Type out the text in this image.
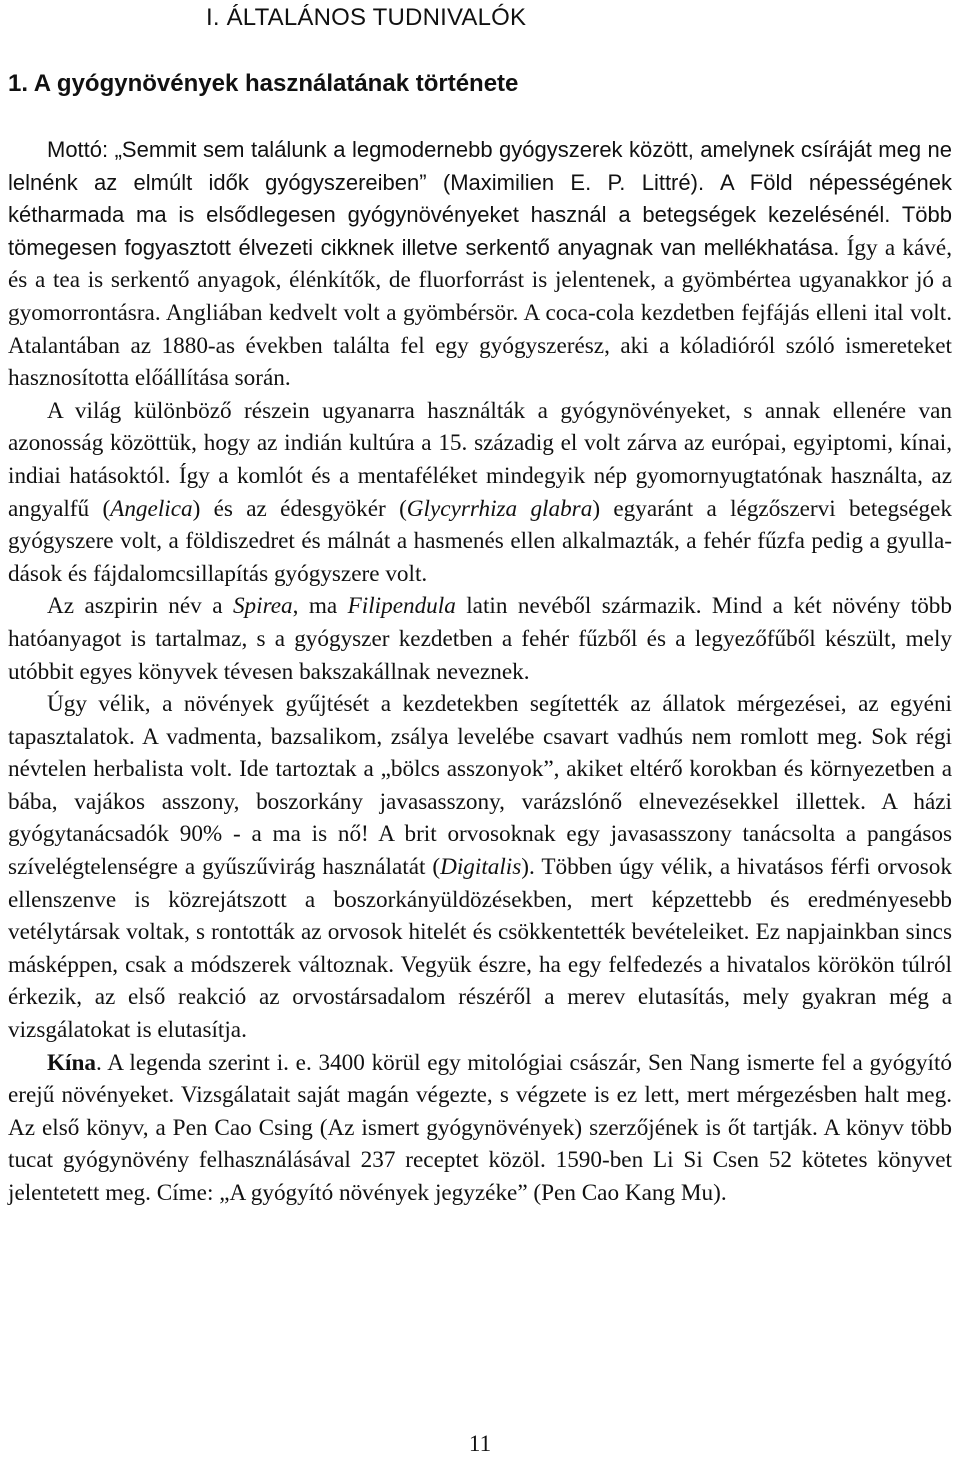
I. ÁLTALÁNOS TUDNIVALÓK
1. A gyógynövények használatának története

Mottó: „Semmit sem találunk a legmodernebb gyógyszerek között, amelynek csíráját meg ne lelnénk az elmúlt idők gyógyszereiben” (Maximilien E. P. Littré). A Föld népességének kétharmada ma is elsődlegesen gyógynövényeket használ a betegségek kezelésénél. Több tömegesen fogyasztott élvezeti cikknek illetve serkentő anyagnak van mellékhatása. Így a kávé, és a tea is serkentő anyagok, élénkítők, de fluorforrást is jelentenek, a gyömbértea ugyanakkor jó a gyomorrontásra. Angliában kedvelt volt a gyömbérsör. A coca-cola kezdetben fejfájás elleni ital volt. Atalantában az 1880-as években találta fel egy gyógyszerész, aki a kóladióról szóló ismereteket hasznosította előállítása során.

A világ különböző részein ugyanarra használták a gyógynövényeket, s annak ellenére van azonosság közöttük, hogy az indián kultúra a 15. századig el volt zárva az európai, egyiptomi, kínai, indiai hatásoktól. Így a komlót és a mentaféléket mindegyik nép gyomornyugtatónak használta, az angyalfű (Angelica) és az édesgyökér (Glycyrrhiza glabra) egyaránt a légzőszervi betegségek gyógyszere volt, a földiszedret és málnát a hasmenés ellen alkalmazták, a fehér fűzfa pedig a gyulladások és fájdalomcsillapítás gyógyszere volt.

Az aszpirin név a Spirea, ma Filipendula latin nevéből származik. Mind a két növény több hatóanyagot is tartalmaz, s a gyógyszer kezdetben a fehér fűzből és a legyezőfűből készült, mely utóbbit egyes könyvek tévesen bakszakállnak neveznek.

Úgy vélik, a növények gyűjtését a kezdetekben segítették az állatok mérgezései, az egyéni tapasztalatok. A vadmenta, bazsalikom, zsálya levelébe csavart vadhús nem romlott meg. Sok régi névtelen herbalista volt. Ide tartoztak a „bölcs asszonyok”, akiket eltérő korokban és környezetben a bába, vajákos asszony, boszorkány javasasszony, varázslónő elnevezésekkel illettek. A házi gyógytanácsadók 90% - a ma is nő! A brit orvosoknak egy javasasszony tanácsolta a pangásos szívelégtelenségre a gyűszűvirág használatát (Digitalis). Többen úgy vélik, a hivatásos férfi orvosok ellenszenve is közrejátszott a boszorkányüldözésekben, mert képzettebb és eredményesebb vetélytársak voltak, s rontották az orvosok hitelét és csökkentették bevételeiket. Ez napjainkban sincs másképpen, csak a módszerek változnak. Vegyük észre, ha egy felfedezés a hivatalos körökön túlról érkezik, az első reakció az orvostársadalom részéről a merev elutasítás, mely gyakran még a vizsgálatokat is elutasítja.

Kína. A legenda szerint i. e. 3400 körül egy mitológiai császár, Sen Nang ismerte fel a gyógyító erejű növényeket. Vizsgálatait saját magán végezte, s végzete is ez lett, mert mérgezésben halt meg. Az első könyv, a Pen Cao Csing (Az ismert gyógynövények) szerzőjének is őt tartják. A könyv több tucat gyógynövény felhasználásával 237 receptet közöl. 1590-ben Li Si Csen 52 kötetes könyvet jelentetett meg. Címe: „A gyógyító növények jegyzéke” (Pen Cao Kang Mu).

11
